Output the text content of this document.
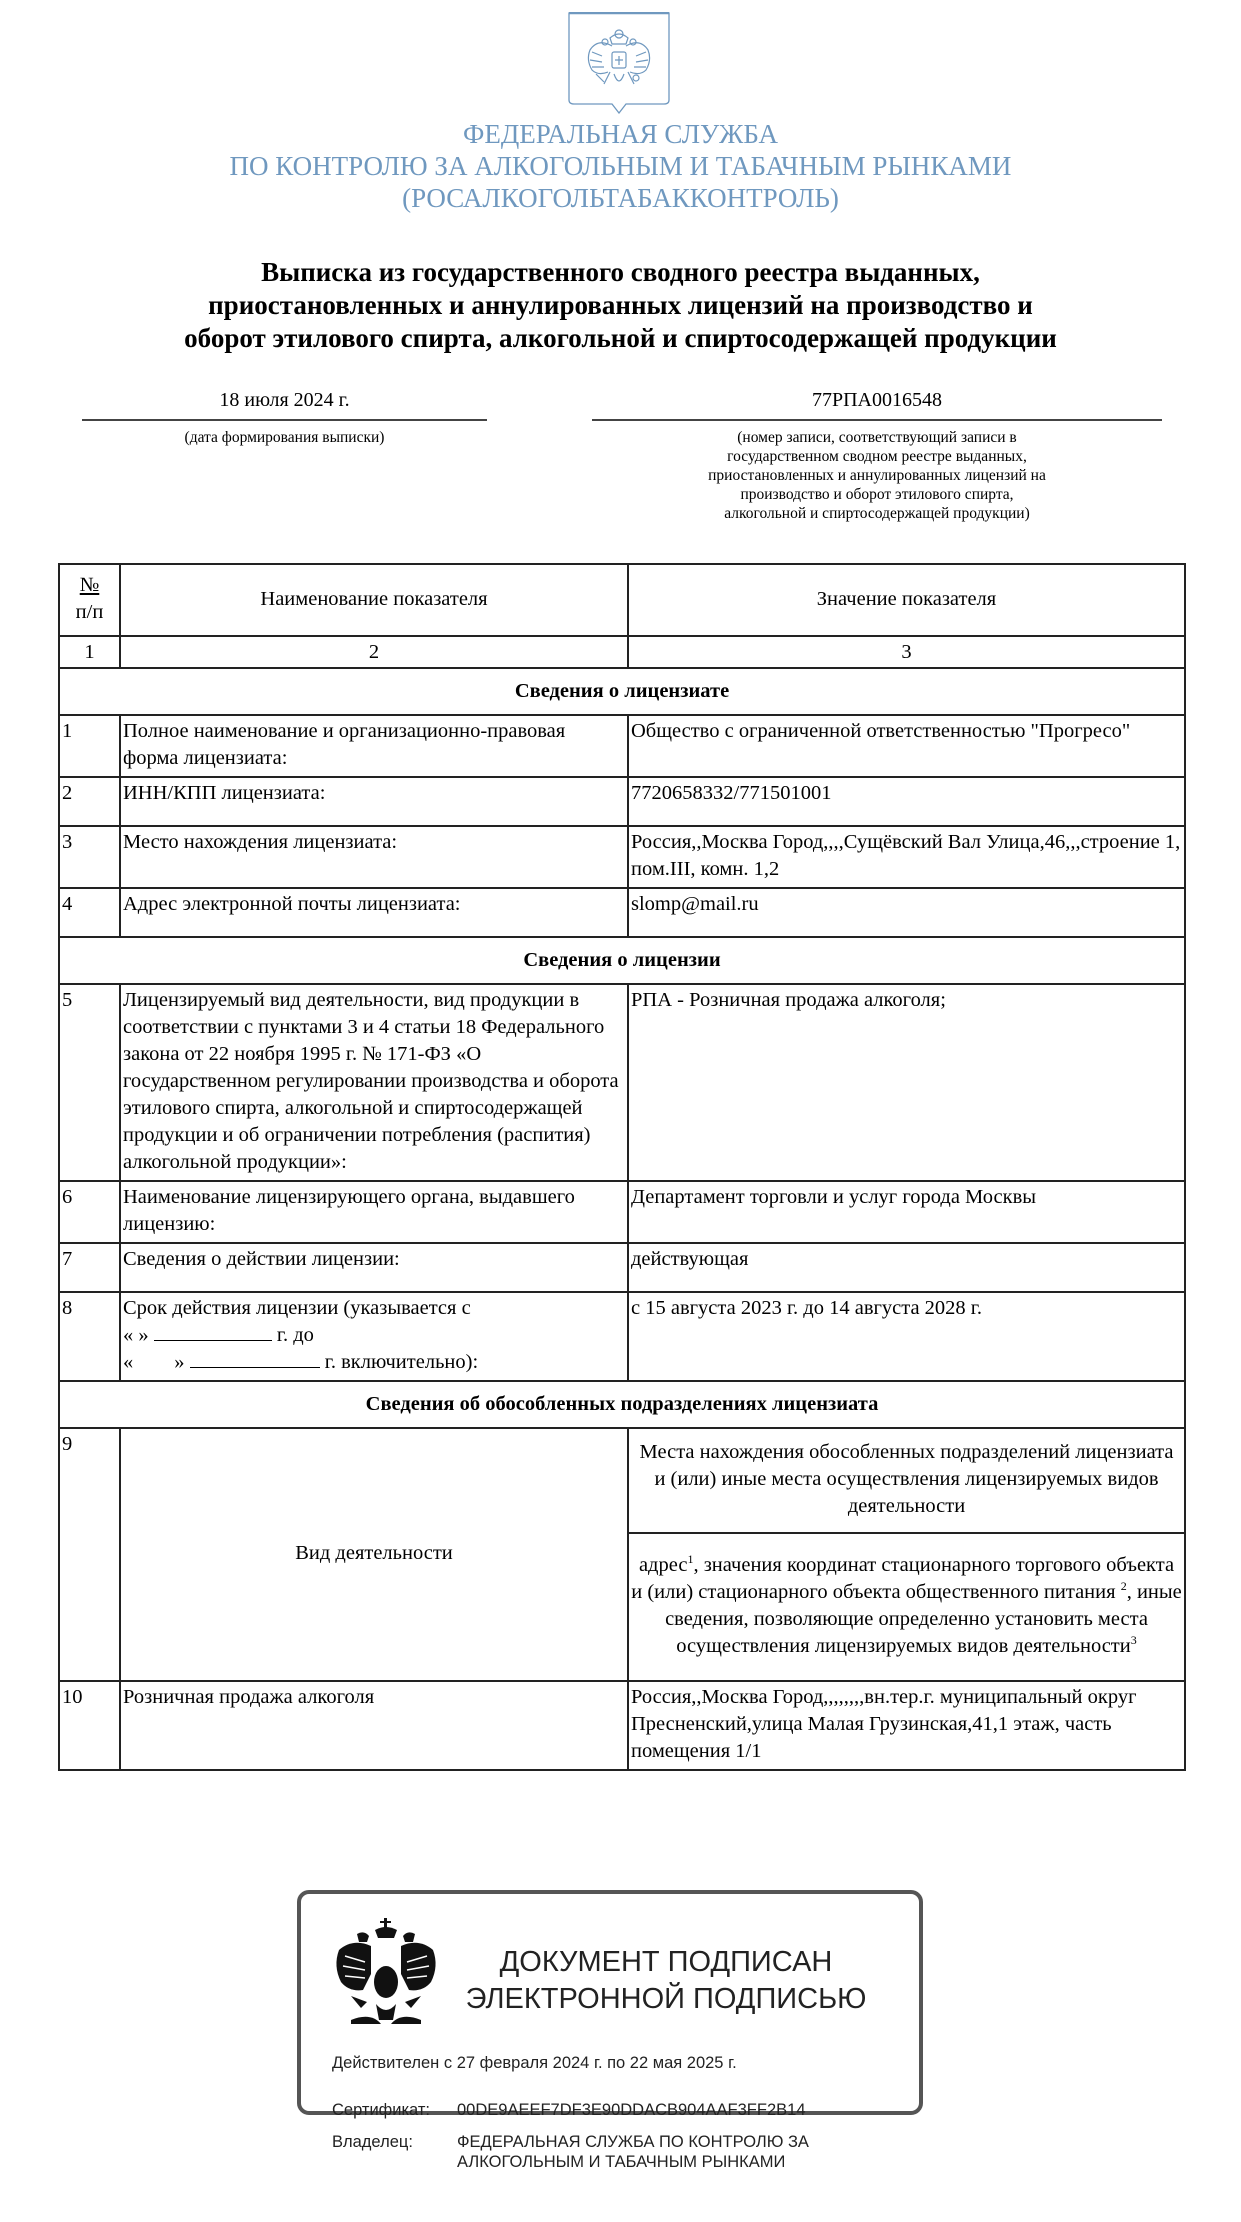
ФЕДЕРАЛЬНАЯ СЛУЖБА
ПО КОНТРОЛЮ ЗА АЛКОГОЛЬНЫМ И ТАБАЧНЫМ РЫНКАМИ
(РОСАЛКОГОЛЬТАБАККОНТРОЛЬ)
Выписка из государственного сводного реестра выданных,
приостановленных и аннулированных лицензий на производство и
оборот этилового спирта, алкогольной и спиртосодержащей продукции
18 июля 2024 г.
(дата формирования выписки)
77РПА0016548
(номер записи, соответствующий записи в
государственном сводном реестре выданных,
приостановленных и аннулированных лицензий на
производство и оборот этилового спирта,
алкогольной и спиртосодержащей продукции)
№
п/п	Наименование показателя	Значение показателя
1	2	3
Сведения о лицензиате		
1	Полное наименование и организационно-правовая форма лицензиата:	Общество с ограниченной ответственностью "Прогресо"
2	ИНН/КПП лицензиата:	7720658332/771501001
3	Место нахождения лицензиата:	Россия,,Москва Город,,,,Сущёвский Вал Улица,46,,,строение 1, пом.III, комн. 1,2
4	Адрес электронной почты лицензиата:	slomp@mail.ru
Сведения о лицензии		
5	Лицензируемый вид деятельности, вид продукции в соответствии с пунктами 3 и 4 статьи 18 Федерального закона от 22 ноября 1995 г. № 171-ФЗ «О государственном регулировании производства и оборота этилового спирта, алкогольной и спиртосодержащей продукции и об ограничении потребления (распития) алкогольной продукции»:	РПА - Розничная продажа алкоголя;
6	Наименование лицензирующего органа, выдавшего лицензию:	Департамент торговли и услуг города Москвы
7	Сведения о действии лицензии:	действующая
8	Срок действия лицензии (указывается с
« » г. до
«        » г. включительно):	с 15 августа 2023 г. до 14 августа 2028 г.
Сведения об обособленных подразделениях лицензиата		
9	Вид деятельности	Места нахождения обособленных подразделений лицензиата и (или) иные места осуществления лицензируемых видов деятельности
		адрес$^1$, значения координат стационарного торгового объекта и (или) стационарного объекта общественного питания $^2$, иные сведения, позволяющие определенно установить места осуществления лицензируемых видов деятельности$^3$
10	Розничная продажа алкоголя	Россия,,Москва Город,,,,,,,,вн.тер.г. муниципальный округ Пресненский,улица Малая Грузинская,41,1 этаж, часть помещения 1/1
ДОКУМЕНТ ПОДПИСАН
ЭЛЕКТРОННОЙ ПОДПИСЬЮ
Действителен с 27 февраля 2024 г. по 22 мая 2025 г.
Сертификат: 00DE9AEEF7DF3E90DDACB904AAF3FF2B14
Владелец:	ФЕДЕРАЛЬНАЯ СЛУЖБА ПО КОНТРОЛЮ ЗА
АЛКОГОЛЬНЫМ И ТАБАЧНЫМ РЫНКАМИ
